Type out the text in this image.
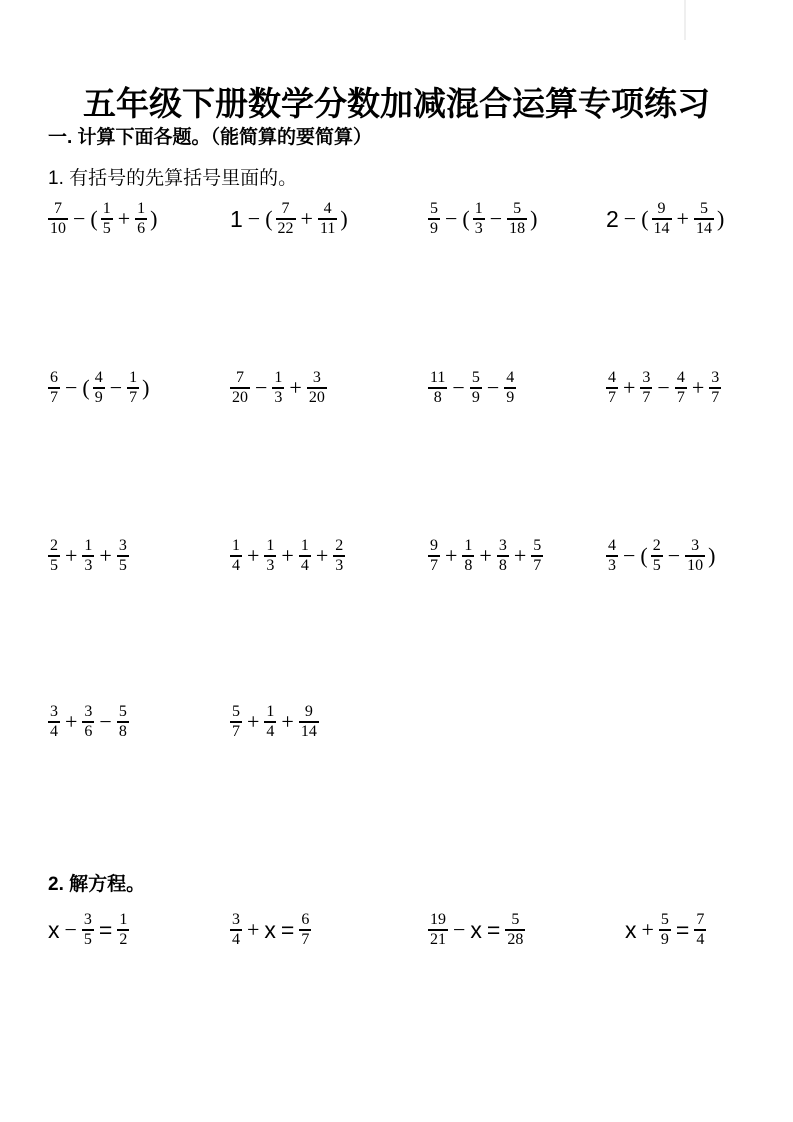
五年级下册数学分数加减混合运算专项练习
一. 计算下面各题。（能简算的要简算）
1. 有括号的先算括号里面的。
$\frac{7}{10}$ − ( $\frac{1}{5} + \frac{1}{6}$ )	1 − ( $\frac{7}{22} + \frac{4}{11}$ )	$\frac{5}{9}$ − ( $\frac{1}{3} - \frac{5}{18}$ )	2 − ( $\frac{9}{14} + \frac{5}{14}$ )
$\frac{6}{7}$ − ( $\frac{4}{9} - \frac{1}{7}$ )	$\frac{7}{20} - \frac{1}{3} + \frac{3}{20}$	$\frac{11}{8} - \frac{5}{9} - \frac{4}{9}$	$\frac{4}{7} + \frac{3}{7} - \frac{4}{7} + \frac{3}{7}$
$\frac{2}{5} + \frac{1}{3} + \frac{3}{5}$	$\frac{1}{4} + \frac{1}{3} + \frac{1}{4} + \frac{2}{3}$	$\frac{9}{7} + \frac{1}{8} + \frac{3}{8} + \frac{5}{7}$	$\frac{4}{3}$ − ( $\frac{2}{5} - \frac{3}{10}$ )
$\frac{3}{4} + \frac{3}{6} - \frac{5}{8}$	$\frac{5}{7} + \frac{1}{4} + \frac{9}{14}$
2. 解方程。
$x - \frac{3}{5} = \frac{1}{2}$	$\frac{3}{4} + x = \frac{6}{7}$	$\frac{19}{21} - x = \frac{5}{28}$	$x + \frac{5}{9} = \frac{7}{4}$
